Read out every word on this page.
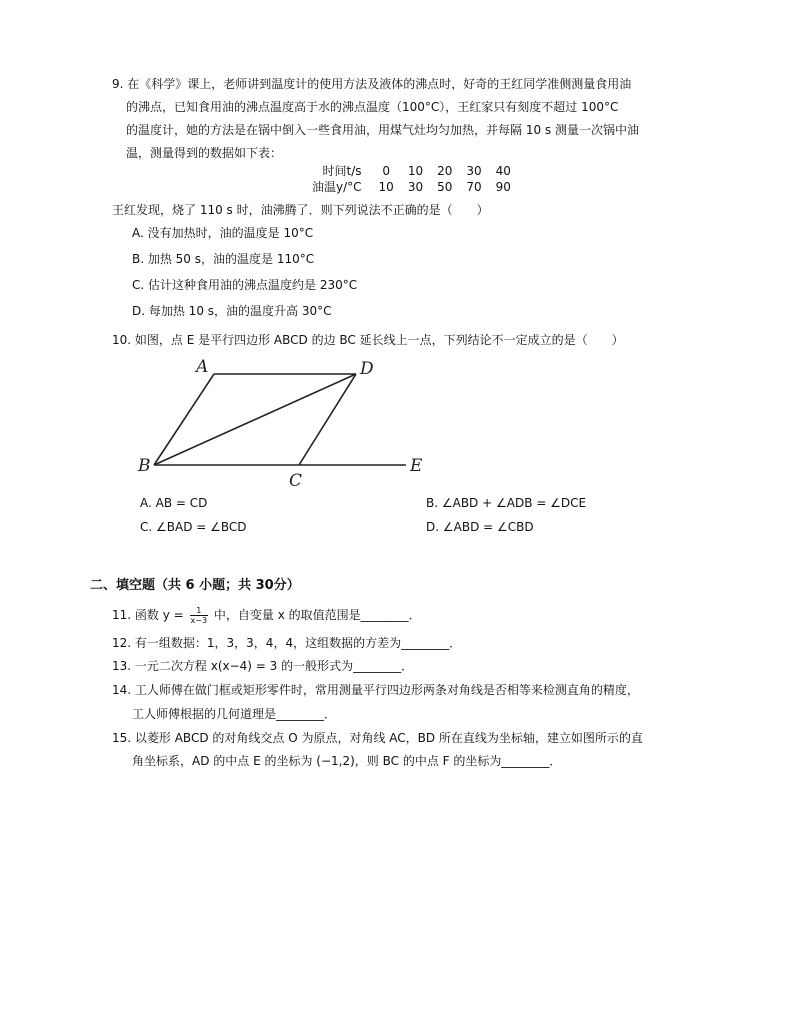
9. 在《科学》课上，老师讲到温度计的使用方法及液体的沸点时，好奇的王红同学准侧测量食用油
的沸点，已知食用油的沸点温度高于水的沸点温度（100°C），王红家只有刻度不超过 100°C
的温度计，她的方法是在锅中倒入一些食用油，用煤气灶均匀加热，并每隔 10 s 测量一次锅中油
温，测量得到的数据如下表：
时间t/s	0	10	20	30	40
油温y/°C	10	30	50	70	90
王红发现，烧了 110 s 时，油沸腾了．则下列说法不正确的是（　　）
A. 没有加热时，油的温度是 10°C
B. 加热 50 s，油的温度是 110°C
C. 估计这种食用油的沸点温度约是 230°C
D. 每加热 10 s，油的温度升高 30°C
10. 如图，点 E 是平行四边形 ABCD 的边 BC 延长线上一点，下列结论不一定成立的是（　　）
A	D
B
C
E
A. AB = CD	B. ∠ABD + ∠ADB = ∠DCE
C. ∠BAD = ∠BCD	D. ∠ABD = ∠CBD
二、填空题（共 6 小题；共 30分）
11. 函数 $y = \frac{1}{x-3}$ 中，自变量 x 的取值范围是________．
12. 有一组数据：1，3，3，4，4，这组数据的方差为________．
13. 一元二次方程 x(x−4) = 3 的一般形式为________．
14. 工人师傅在做门框或矩形零件时，常用测量平行四边形两条对角线是否相等来检测直角的精度，
工人师傅根据的几何道理是________．
15. 以菱形 ABCD 的对角线交点 O 为原点，对角线 AC，BD 所在直线为坐标轴，建立如图所示的直
角坐标系，AD 的中点 E 的坐标为 (−1,2)，则 BC 的中点 F 的坐标为________．
